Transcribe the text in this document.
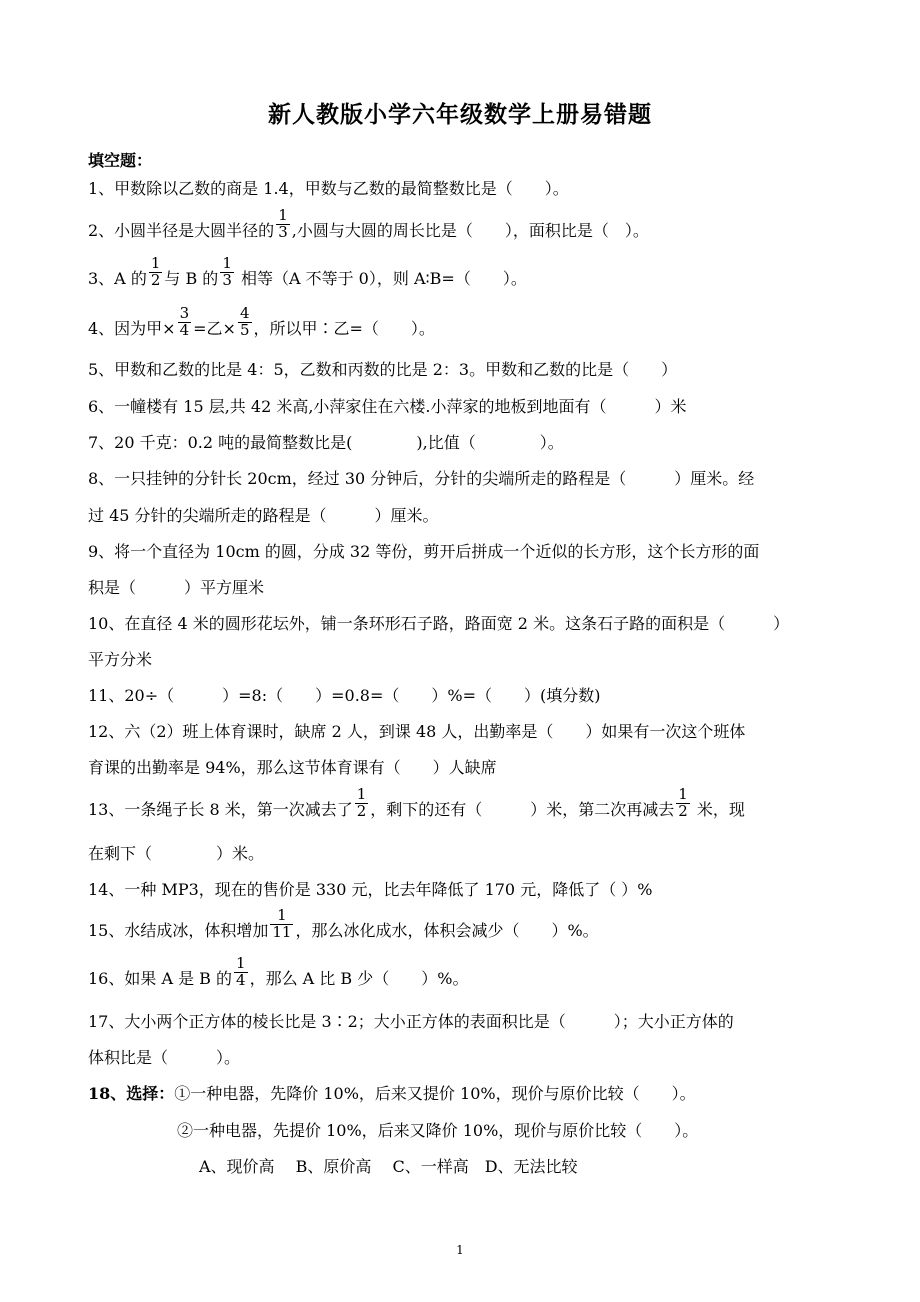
新人教版小学六年级数学上册易错题
填空题：
1、甲数除以乙数的商是 1.4，甲数与乙数的最简整数比是（　　）。
2、小圆半径是大圆半径的 $\frac{1}{3}$ ,小圆与大圆的周长比是（　　），面积比是（　）。
3、A 的 $\frac{1}{2}$ 与 B 的 $\frac{1}{3}$ 相等（A 不等于 0），则 A∶B=（　　）。
4、因为甲× $\frac{3}{4}$ =乙× $\frac{4}{5}$ ，所以甲∶乙=（　　）。
5、甲数和乙数的比是 4：5，乙数和丙数的比是 2：3。甲数和乙数的比是（　　）
6、一幢楼有 15 层,共 42 米高,小萍家住在六楼.小萍家的地板到地面有（　　　）米
7、20 千克：0.2 吨的最简整数比是(　　　　),比值（　　　　）。
8、一只挂钟的分针长 20cm，经过 30 分钟后，分针的尖端所走的路程是（　　　）厘米。经
过 45 分针的尖端所走的路程是（　　　）厘米。
9、将一个直径为 10cm 的圆，分成 32 等份，剪开后拼成一个近似的长方形，这个长方形的面
积是（　　　）平方厘米
10、在直径 4 米的圆形花坛外，铺一条环形石子路，路面宽 2 米。这条石子路的面积是（　　　）
平方分米
11、20÷（　　　）=8:（　　）=0.8=（　　）%=（　　）(填分数)
12、六（2）班上体育课时，缺席 2 人，到课 48 人，出勤率是（　　）如果有一次这个班体
育课的出勤率是 94%，那么这节体育课有（　　）人缺席
13、一条绳子长 8 米，第一次减去了 $\frac{1}{2}$ ，剩下的还有（　　　）米，第二次再减去 $\frac{1}{2}$ 米，现
在剩下（　　　　）米。
14、一种 MP3，现在的售价是 330 元，比去年降低了 170 元，降低了（ ）%
15、水结成冰，体积增加 $\frac{1}{11}$ ，那么冰化成水，体积会减少（　　）%。
16、如果 A 是 B 的 $\frac{1}{4}$ ，那么 A 比 B 少（　　）%。
17、大小两个正方体的棱长比是 3∶2；大小正方体的表面积比是（　　　）；大小正方体的
体积比是（　　　）。
18、选择：①一种电器，先降价 10%，后来又提价 10%，现价与原价比较（　　）。
②一种电器，先提价 10%，后来又降价 10%，现价与原价比较（　　）。
A、现价高　 B、原价高　 C、一样高　D、无法比较
1
